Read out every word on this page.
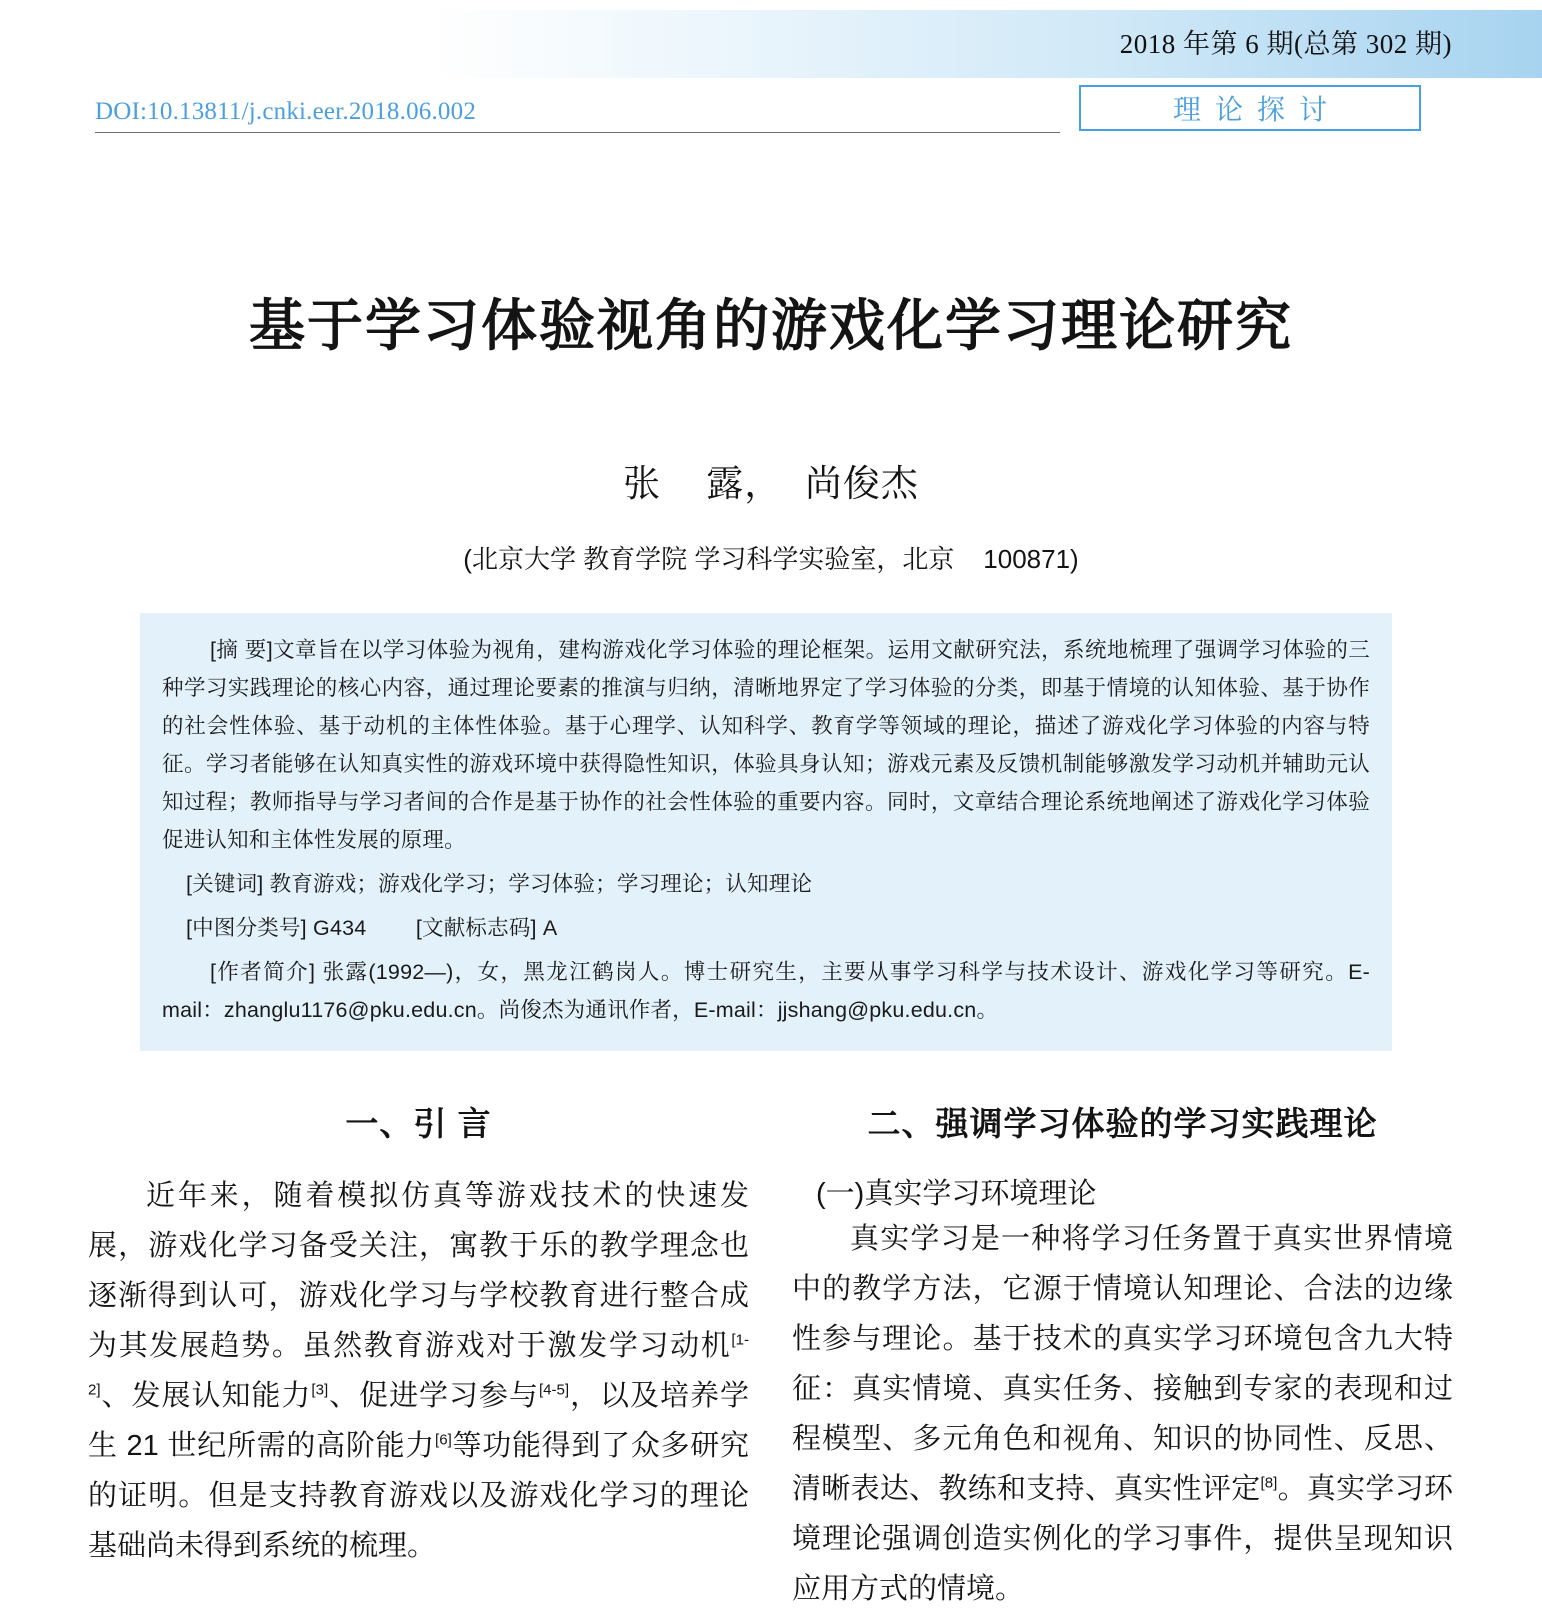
2018 年第 6 期(总第 302 期)
DOI:10.13811/j.cnki.eer.2018.06.002	理论探讨
基于学习体验视角的游戏化学习理论研究
张    露，  尚俊杰
(北京大学 教育学院 学习科学实验室，北京    100871)

[摘 要]文章旨在以学习体验为视角，建构游戏化学习体验的理论框架。运用文献研究法，系统地梳理了强调学习体验的三种学习实践理论的核心内容，通过理论要素的推演与归纳，清晰地界定了学习体验的分类，即基于情境的认知体验、基于协作的社会性体验、基于动机的主体性体验。基于心理学、认知科学、教育学等领域的理论，描述了游戏化学习体验的内容与特征。学习者能够在认知真实性的游戏环境中获得隐性知识，体验具身认知；游戏元素及反馈机制能够激发学习动机并辅助元认知过程；教师指导与学习者间的合作是基于协作的社会性体验的重要内容。同时，文章结合理论系统地阐述了游戏化学习体验促进认知和主体性发展的原理。

[关键词] 教育游戏；游戏化学习；学习体验；学习理论；认知理论

[中图分类号] G434 [文献标志码] A

[作者简介] 张露(1992—)，女，黑龙江鹤岗人。博士研究生，主要从事学习科学与技术设计、游戏化学习等研究。E-mail：zhanglu1176@pku.edu.cn。尚俊杰为通讯作者，E-mail：jjshang@pku.edu.cn。

一、引 言

近年来，随着模拟仿真等游戏技术的快速发展，游戏化学习备受关注，寓教于乐的教学理念也逐渐得到认可，游戏化学习与学校教育进行整合成为其发展趋势。虽然教育游戏对于激发学习动机[1-2]、发展认知能力[3]、促进学习参与[4-5]，以及培养学生 21 世纪所需的高阶能力[6]等功能得到了众多研究的证明。但是支持教育游戏以及游戏化学习的理论基础尚未得到系统的梳理。

二、强调学习体验的学习实践理论
(一)真实学习环境理论

真实学习是一种将学习任务置于真实世界情境中的教学方法，它源于情境认知理论、合法的边缘性参与理论。基于技术的真实学习环境包含九大特征：真实情境、真实任务、接触到专家的表现和过程模型、多元角色和视角、知识的协同性、反思、清晰表达、教练和支持、真实性评定[8]。真实学习环境理论强调创造实例化的学习事件，提供呈现知识应用方式的情境。
